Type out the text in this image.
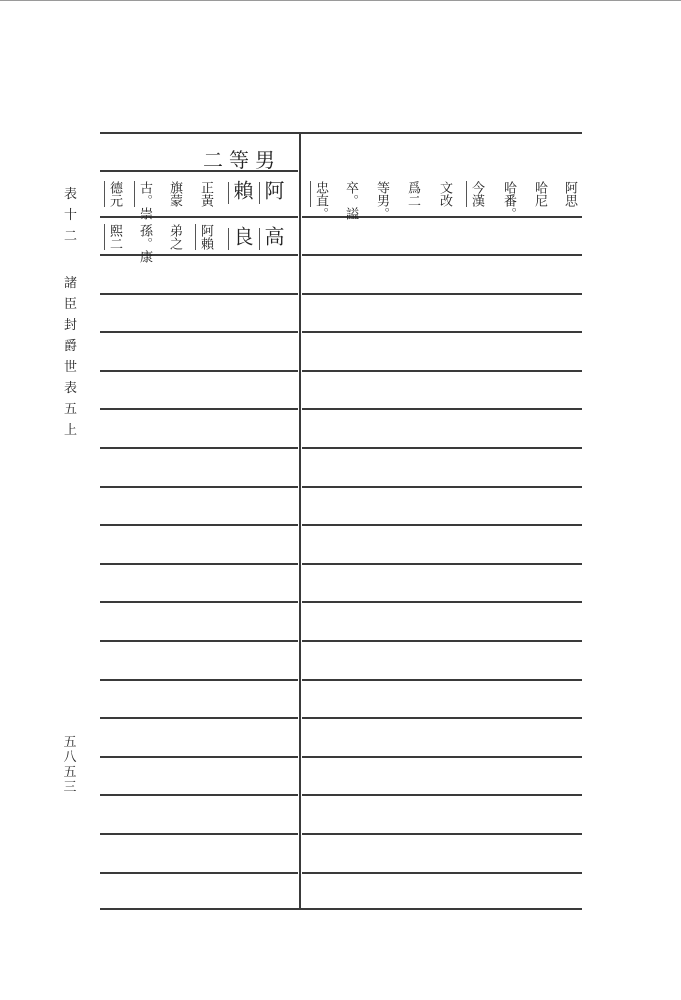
表
十
二
諸
臣
封
爵
世
表
五
上
五八五三
二等男
阿
高
賴
良
正黃
阿賴
旗蒙
弟之
古。崇
孫。康
德元
熙二
阿思
哈尼
哈番。
今漢
文改
爲二
等男。
卒。謚
忠直。
